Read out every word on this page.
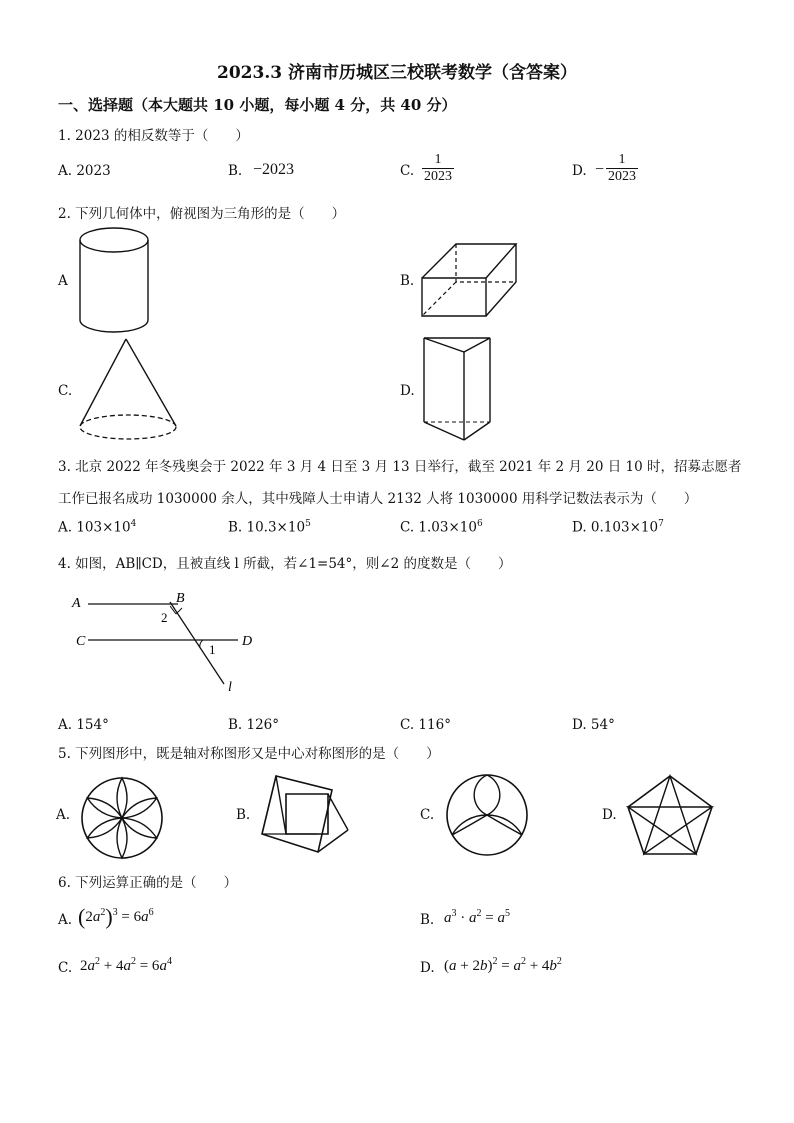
2023.3 济南市历城区三校联考数学（含答案）
一、选择题（本大题共 10 小题，每小题 4 分，共 40 分）
1. 2023 的相反数等于（　　）
A. 2023	B. −2023	C. $\frac{1}{2023}$	D. − $\frac{1}{2023}$
2. 下列几何体中，俯视图为三角形的是（　　）
A	B.
C.	D.
3. 北京 2022 年冬残奥会于 2022 年 3 月 4 日至 3 月 13 日举行，截至 2021 年 2 月 20 日 10 时，招募志愿者
工作已报名成功 1030000 余人，其中残障人士申请人 2132 人将 1030000 用科学记数法表示为（　　）
A. $103\times 10^4$	B. $10.3\times 10^5$	C. $1.03\times 10^6$	D. $0.103\times 10^7$
4. 如图，AB∥CD，且被直线 l 所截，若∠1=54°，则∠2 的度数是（　　）
A	B
C	D
l
1
2
A. 154°	B. 126°	C. 116°	D. 54°
5. 下列图形中，既是轴对称图形又是中心对称图形的是（　　）
A.	B.	C.	D.
6. 下列运算正确的是（　　）
A. $(2a^2)^3 = 6a^6$	B. $a^3 \cdot a^2 = a^5$
C. $2a^2 + 4a^2 = 6a^4$	D. $(a + 2b)^2 = a^2 + 4b^2$
